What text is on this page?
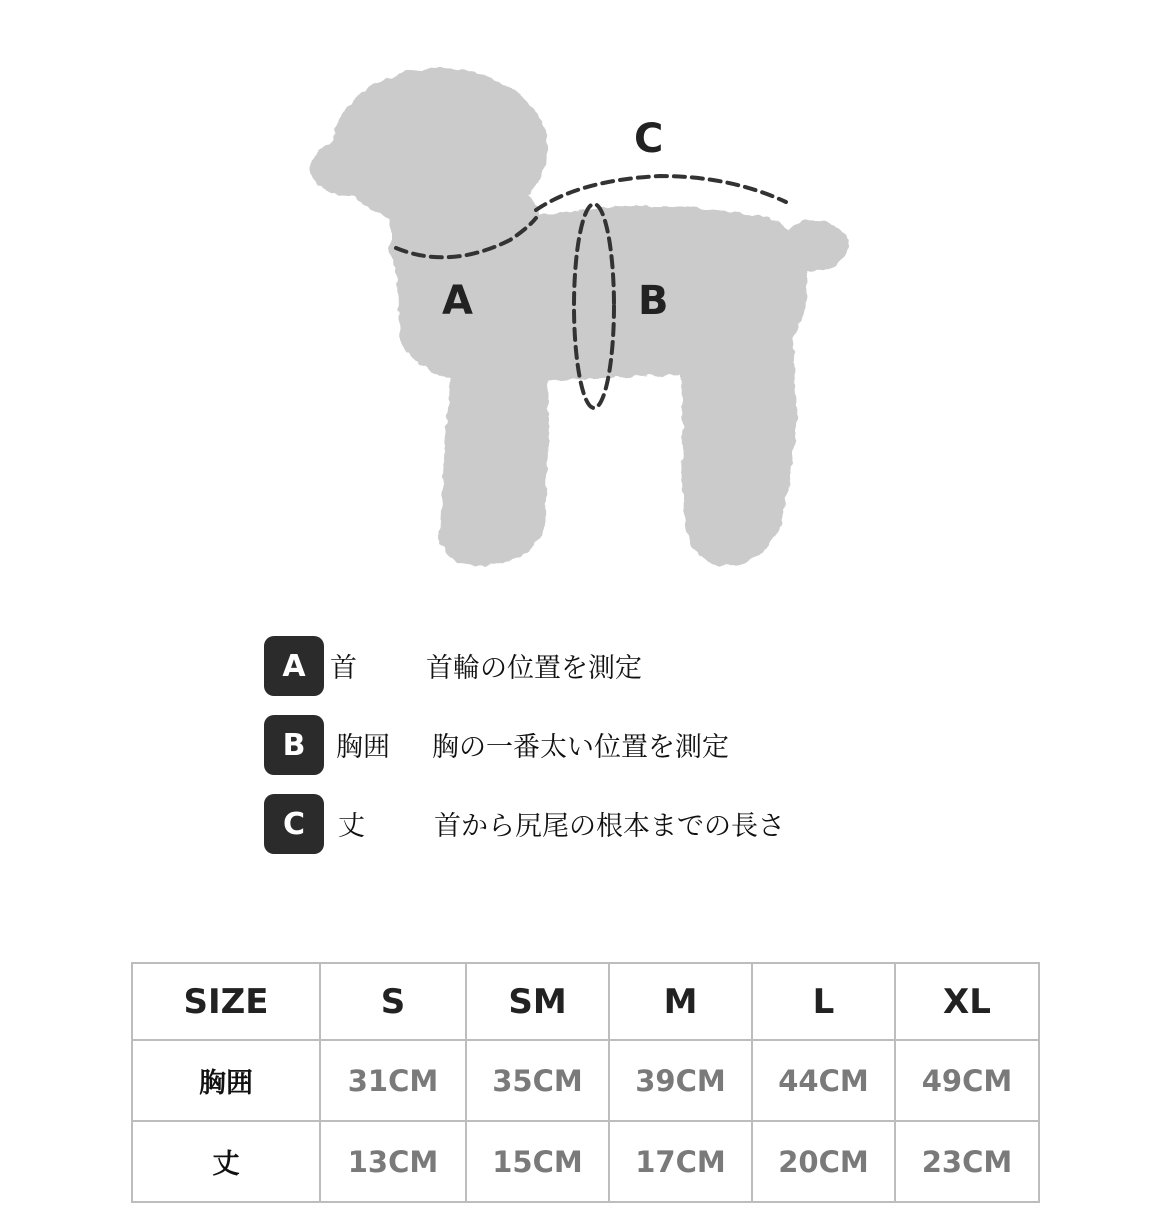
A	B
C
A 首	首輪の位置を測定
B	胸囲 胸の一番太い位置を測定
C	丈	首から尻尾の根本までの長さ
SIZE	S	SM	M	L	XL
胸囲	31CM	35CM	39CM	44CM	49CM
丈	13CM	15CM	17CM	20CM	23CM
